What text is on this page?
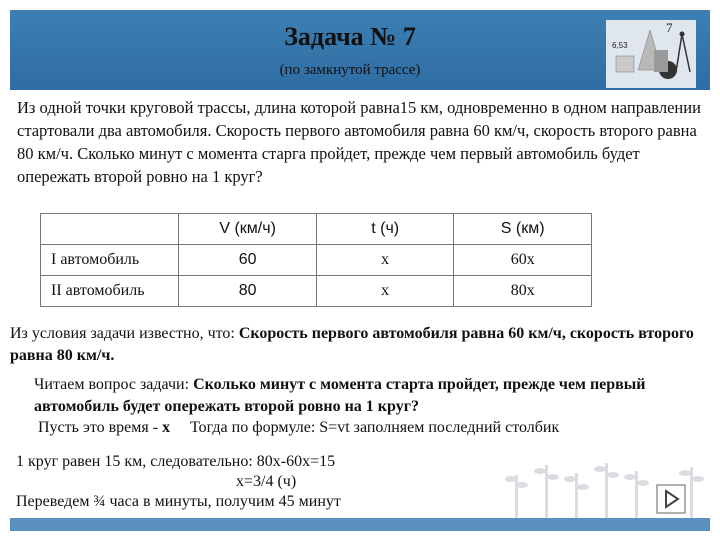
Задача № 7
(по замкнутой трассе)
6,53
7
Из одной точки круговой трассы, длина которой равна15 км, одновременно в одном направлении стартовали два автомобиля. Скорость первого автомобиля равна 60 км/ч, скорость второго равна 80 км/ч. Сколько минут с момента старга пройдет, прежде чем первый автомобиль будет опережать второй ровно на 1 круг?
	V (км/ч)	t (ч)	S (км)
I автомобиль	60	x	60x
II автомобиль	80	x	80x
Из условия задачи известно, что: Скорость первого автомобиля равна 60 км/ч, скорость второго равна 80 км/ч.
Читаем вопрос задачи: Сколько минут с момента старта пройдет, прежде чем первый автомобиль будет опережать второй ровно на 1 круг?
Пусть это время - x Тогда по формуле: S=vt заполняем последний столбик
1 круг равен 15 км, следовательно: 80x-60x=15
x=3/4 (ч)
Переведем ¾ часа в минуты, получим 45 минут
